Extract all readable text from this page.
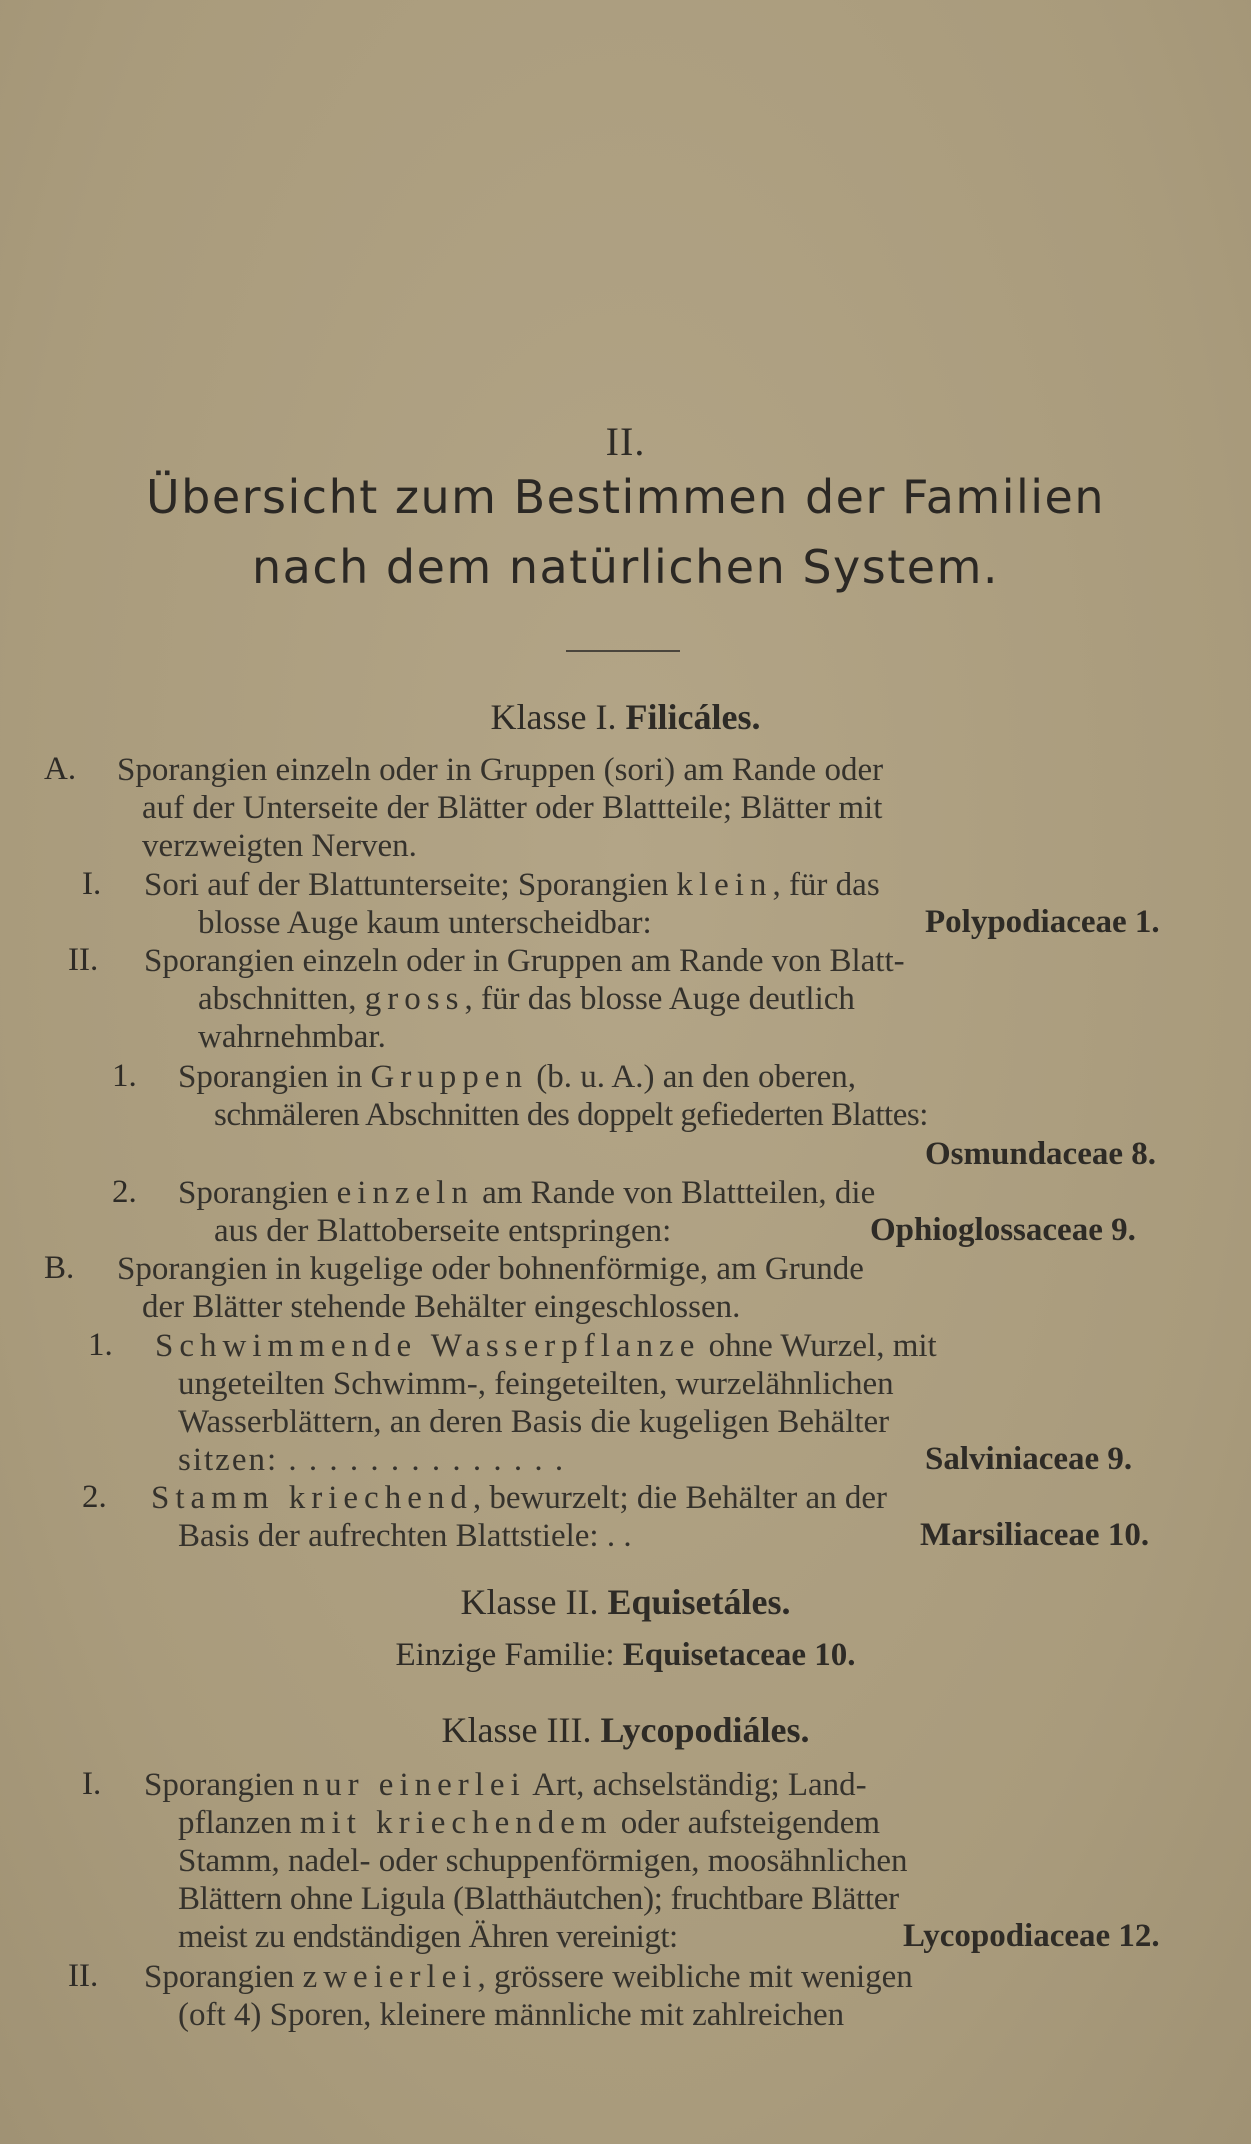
II.
Übersicht zum Bestimmen der Familien
nach dem natürlichen System.
Klasse I. Filicáles.
A. Sporangien einzeln oder in Gruppen (sori) am Rande oder
auf der Unterseite der Blätter oder Blattteile; Blätter mit
verzweigten Nerven.
I. Sori auf der Blattunterseite; Sporangien klein, für das
blosse Auge kaum unterscheidbar:	Polypodiaceae 1.
II. Sporangien einzeln oder in Gruppen am Rande von Blatt-
abschnitten, gross, für das blosse Auge deutlich
wahrnehmbar.
1. Sporangien in Gruppen (b. u. A.) an den oberen,
schmäleren Abschnitten des doppelt gefiederten Blattes:
Osmundaceae 8.
2. Sporangien einzeln am Rande von Blattteilen, die
aus der Blattoberseite entspringen:	Ophioglossaceae 9.
B. Sporangien in kugelige oder bohnenförmige, am Grunde
der Blätter stehende Behälter eingeschlossen.
1. Schwimmende Wasserpflanze ohne Wurzel, mit
ungeteilten Schwimm-, feingeteilten, wurzelähnlichen
Wasserblättern, an deren Basis die kugeligen Behälter
sitzen: . . . . . . . . . . . . . .	Salviniaceae 9.
2. Stamm kriechend, bewurzelt; die Behälter an der
Basis der aufrechten Blattstiele: . .	Marsiliaceae 10.
Klasse II. Equisetáles.
Einzige Familie: Equisetaceae 10.
Klasse III. Lycopodiáles.
I. Sporangien nur einerlei Art, achselständig; Land-
pflanzen mit kriechendem oder aufsteigendem
Stamm, nadel- oder schuppenförmigen, moosähnlichen
Blättern ohne Ligula (Blatthäutchen); fruchtbare Blätter
meist zu endständigen Ähren vereinigt:	Lycopodiaceae 12.
II. Sporangien zweierlei, grössere weibliche mit wenigen
(oft 4) Sporen, kleinere männliche mit zahlreichen
